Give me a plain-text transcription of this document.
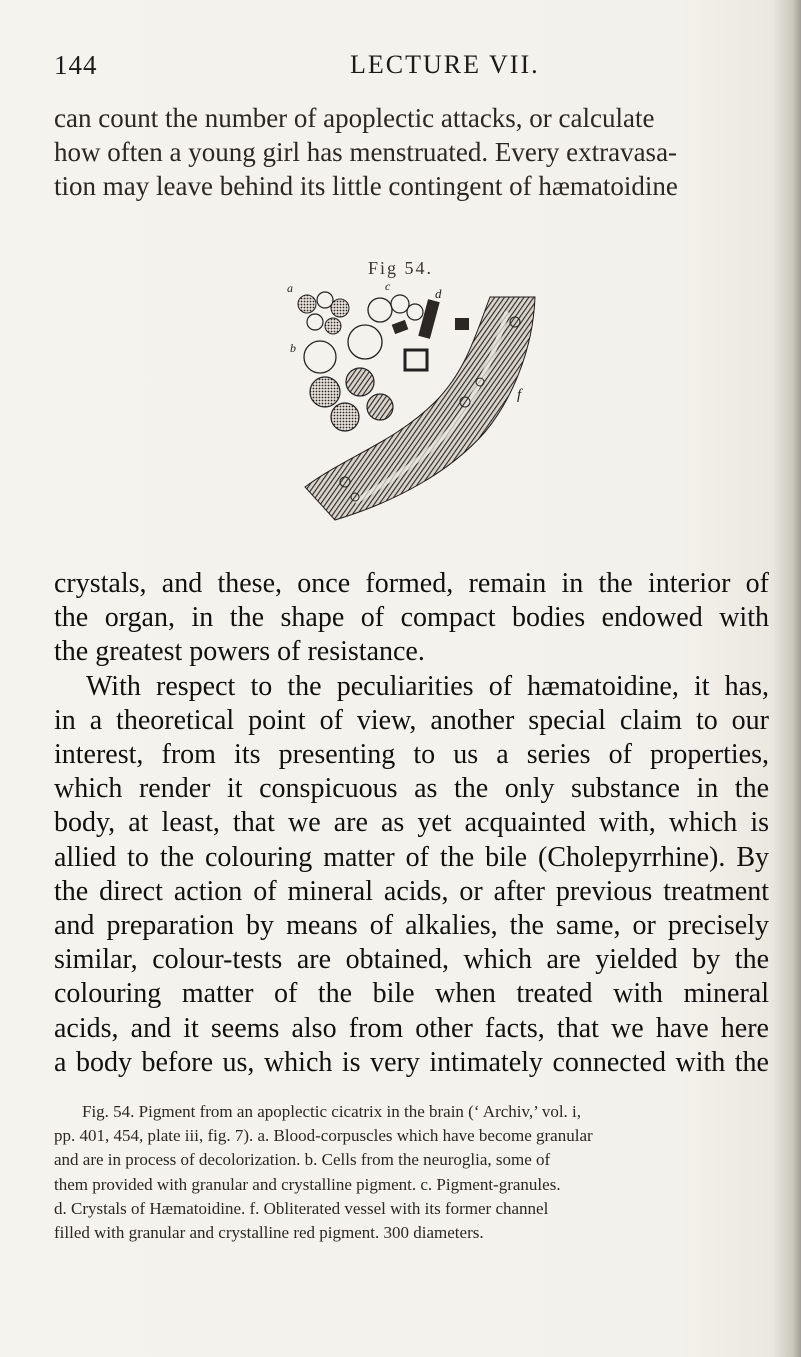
144	LECTURE VII.
can count the number of apoplectic attacks, or calculate
how often a young girl has menstruated. Every extravasa-
tion may leave behind its little contingent of hæmatoidine
Fig 54.
a	c	d
b
f
crystals, and these, once formed, remain in the interior of
the organ, in the shape of compact bodies endowed with
the greatest powers of resistance.
With respect to the peculiarities of hæmatoidine, it has,
in a theoretical point of view, another special claim to our
interest, from its presenting to us a series of properties,
which render it conspicuous as the only substance in the
body, at least, that we are as yet acquainted with, which is
allied to the colouring matter of the bile (Cholepyrrhine). By
the direct action of mineral acids, or after previous treatment
and preparation by means of alkalies, the same, or precisely
similar, colour-tests are obtained, which are yielded by the
colouring matter of the bile when treated with mineral
acids, and it seems also from other facts, that we have here
a body before us, which is very intimately connected with the
Fig. 54. Pigment from an apoplectic cicatrix in the brain (‘ Archiv,’ vol. i,
pp. 401, 454, plate iii, fig. 7). a. Blood-corpuscles which have become granular
and are in process of decolorization. b. Cells from the neuroglia, some of
them provided with granular and crystalline pigment. c. Pigment-granules.
d. Crystals of Hæmatoidine. f. Obliterated vessel with its former channel
filled with granular and crystalline red pigment. 300 diameters.
